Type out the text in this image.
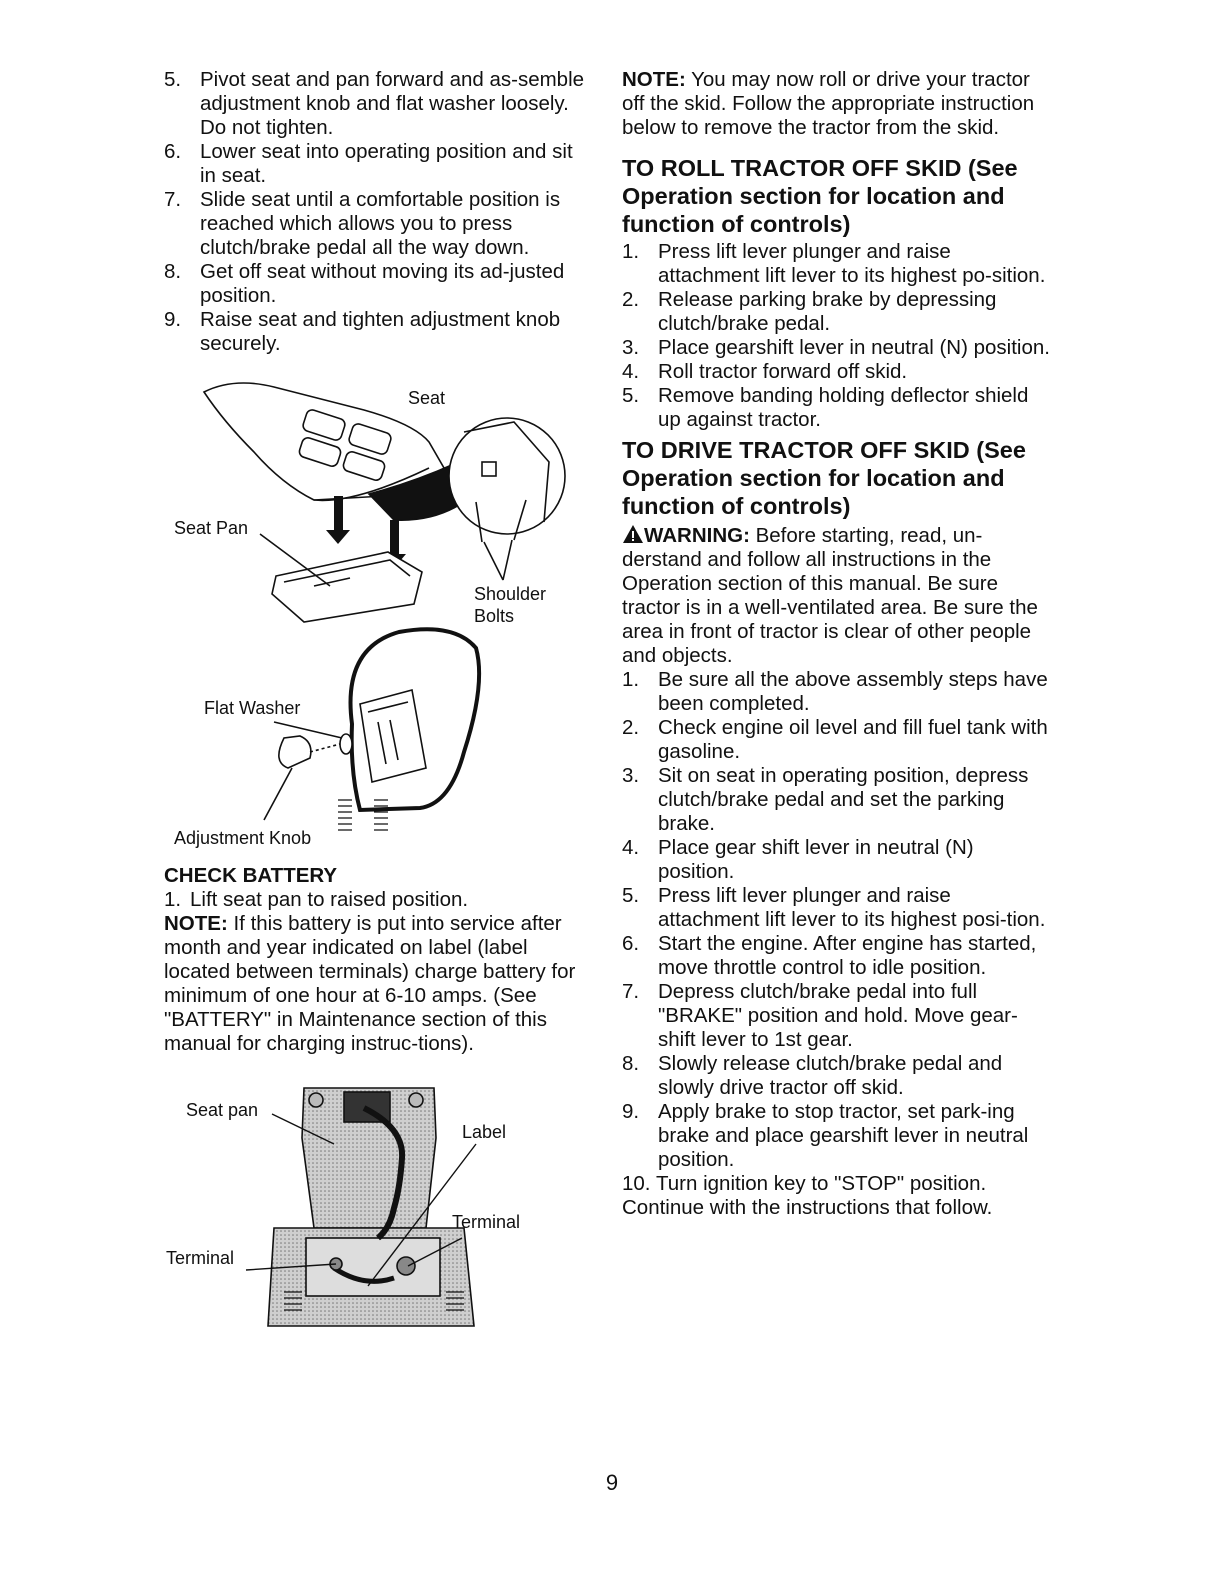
5. Pivot seat and pan forward and as-semble adjustment knob and flat washer loosely. Do not tighten.
6. Lower seat into operating position and sit in seat.
7. Slide seat until a comfortable position is reached which allows you to press clutch/brake pedal all the way down.
8. Get off seat without moving its ad-justed position.
9. Raise seat and tighten adjustment knob securely.
Seat
Seat Pan
Shoulder
Bolts
Flat Washer
Adjustment Knob
CHECK BATTERY
1. Lift seat pan to raised position.

NOTE: If this battery is put into service after month and year indicated on label (label located between terminals) charge battery for minimum of one hour at 6-10 amps. (See "BATTERY" in Maintenance section of this manual for charging instruc-tions).

Seat pan
Label
Terminal
Terminal

NOTE: You may now roll or drive your tractor off the skid. Follow the appropriate instruction below to remove the tractor from the skid.

TO ROLL TRACTOR OFF SKID (See Operation section for location and function of controls)
1. Press lift lever plunger and raise attachment lift lever to its highest po-sition.
2. Release parking brake by depressing clutch/brake pedal.
3. Place gearshift lever in neutral (N) position.
4. Roll tractor forward off skid.
5. Remove banding holding deflector shield up against tractor.
TO DRIVE TRACTOR OFF SKID (See Operation section for location and function of controls)

WARNING: Before starting, read, un-derstand and follow all instructions in the Operation section of this manual. Be sure tractor is in a well-ventilated area. Be sure the area in front of tractor is clear of other people and objects.

1. Be sure all the above assembly steps have been completed.
2. Check engine oil level and fill fuel tank with gasoline.
3. Sit on seat in operating position, depress clutch/brake pedal and set the parking brake.
4. Place gear shift lever in neutral (N) position.
5. Press lift lever plunger and raise attachment lift lever to its highest posi-tion.
6. Start the engine. After engine has started, move throttle control to idle position.
7. Depress clutch/brake pedal into full "BRAKE" position and hold. Move gear-shift lever to 1st gear.
8. Slowly release clutch/brake pedal and slowly drive tractor off skid.
9. Apply brake to stop tractor, set park-ing brake and place gearshift lever in neutral position.
10. Turn ignition key to "STOP" position.

Continue with the instructions that follow.

9
